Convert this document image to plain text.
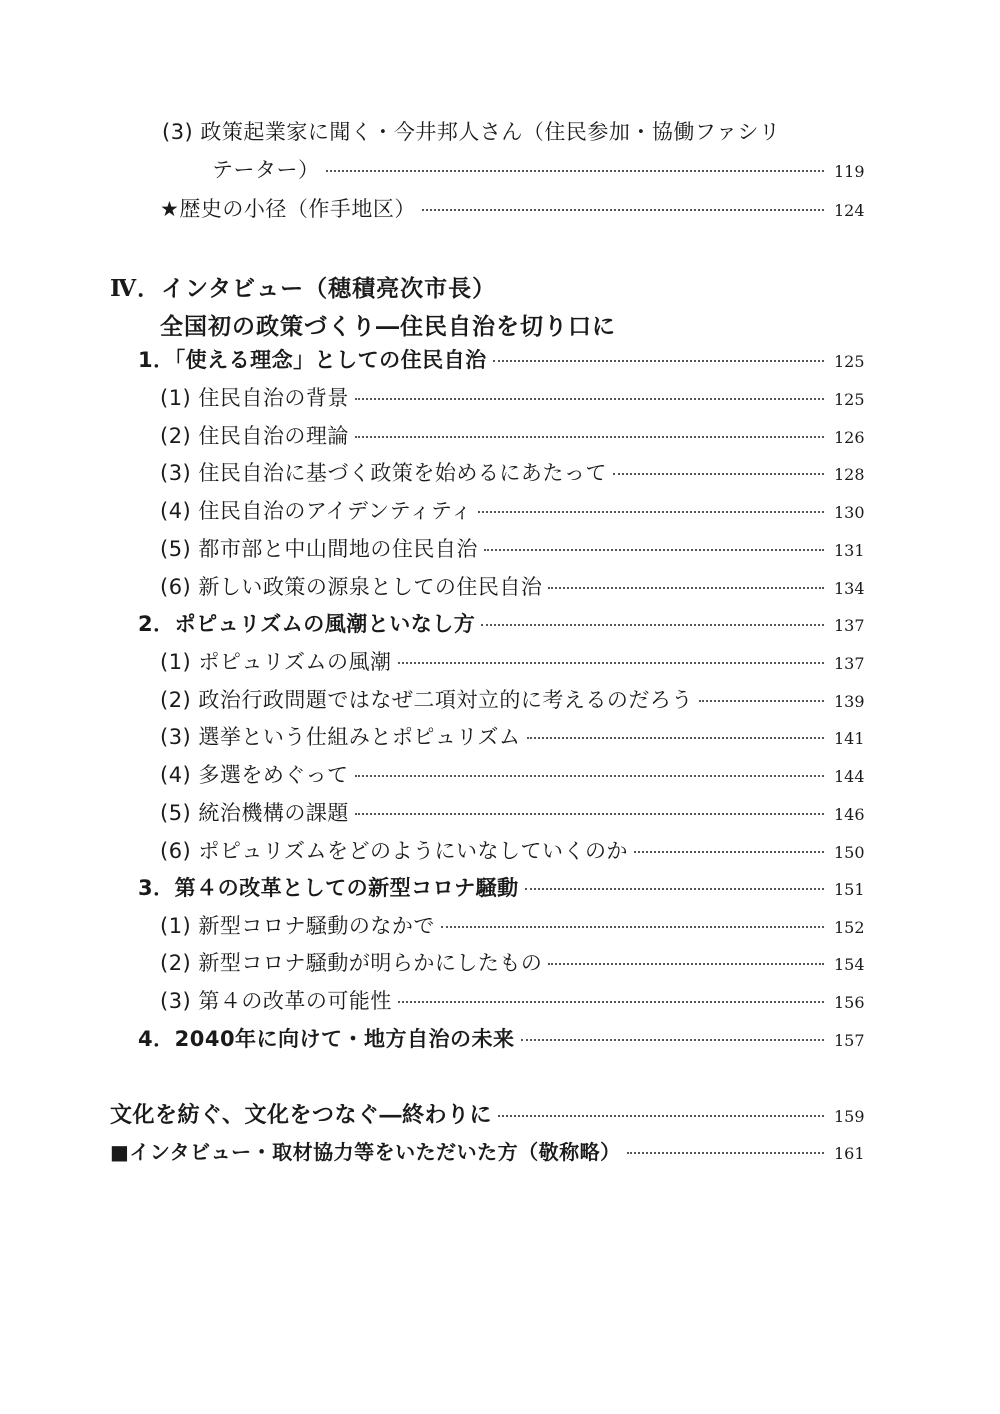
(3) 政策起業家に聞く・今井邦人さん（住民参加・協働ファシリ
テーター）	119
★歴史の小径（作手地区）	124
Ⅳ．インタビュー（穂積亮次市長）
全国初の政策づくり―住民自治を切り口に
1．「使える理念」としての住民自治	125
(1) 住民自治の背景	125
(2) 住民自治の理論	126
(3) 住民自治に基づく政策を始めるにあたって	128
(4) 住民自治のアイデンティティ	130
(5) 都市部と中山間地の住民自治	131
(6) 新しい政策の源泉としての住民自治	134
2．ポピュリズムの風潮といなし方	137
(1) ポピュリズムの風潮	137
(2) 政治行政問題ではなぜ二項対立的に考えるのだろう	139
(3) 選挙という仕組みとポピュリズム	141
(4) 多選をめぐって	144
(5) 統治機構の課題	146
(6) ポピュリズムをどのようにいなしていくのか	150
3．第４の改革としての新型コロナ騒動	151
(1) 新型コロナ騒動のなかで	152
(2) 新型コロナ騒動が明らかにしたもの	154
(3) 第４の改革の可能性	156
4．2040年に向けて・地方自治の未来	157
文化を紡ぐ、文化をつなぐ―終わりに	159
■インタビュー・取材協力等をいただいた方（敬称略）	161
